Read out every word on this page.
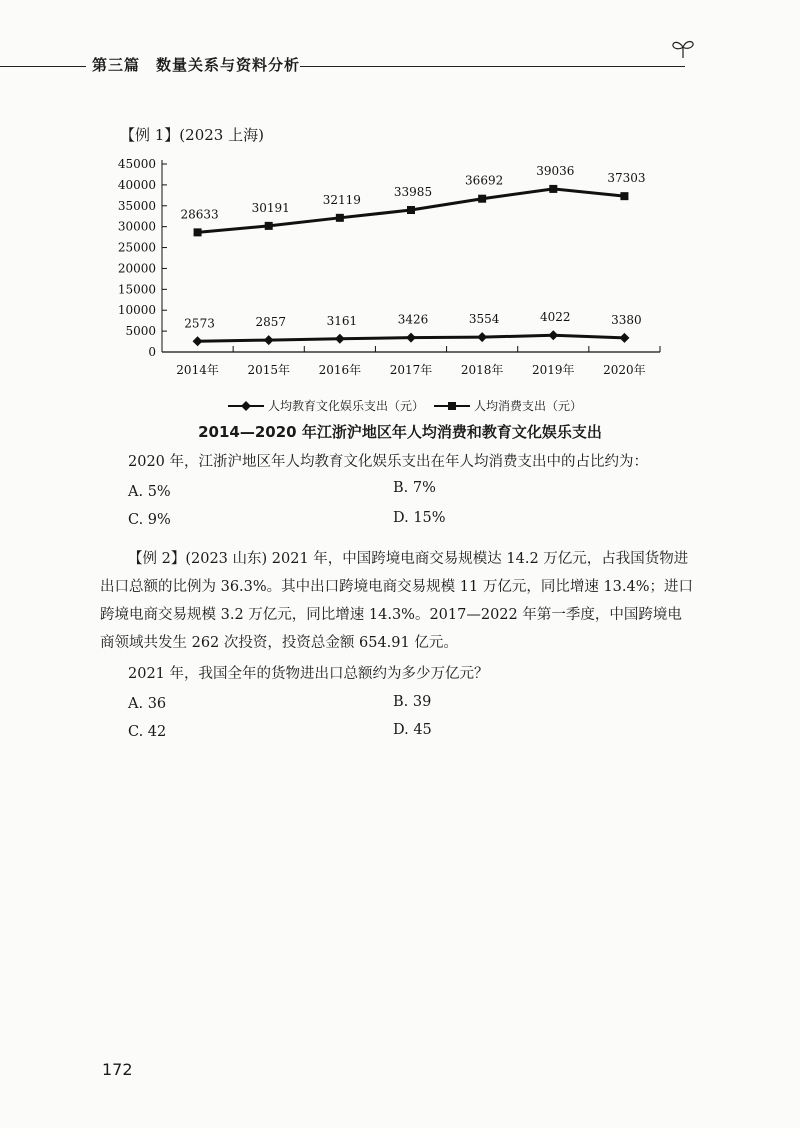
第三篇　数量关系与资料分析
【例 1】(2023 上海)
0
5000
10000
15000
20000
25000
30000
35000
40000
45000
2014年 2015年 2016年 2017年 2018年 2019年 2020年
2573	2857	3161	3426	3554	4022	3380
28633	30191
32119
33985
36692
39036
37303
人均教育文化娱乐支出（元）	人均消费支出（元）
2014—2020 年江浙沪地区年人均消费和教育文化娱乐支出
2020 年，江浙沪地区年人均教育文化娱乐支出在年人均消费支出中的占比约为：
A. 5%	B. 7%
C. 9%	D. 15%
【例 2】(2023 山东) 2021 年，中国跨境电商交易规模达 14.2 万亿元，占我国货物进出口总额的比例为 36.3%。其中出口跨境电商交易规模 11 万亿元，同比增速 13.4%；进口跨境电商交易规模 3.2 万亿元，同比增速 14.3%。2017—2022 年第一季度，中国跨境电商领域共发生 262 次投资，投资总金额 654.91 亿元。
2021 年，我国全年的货物进出口总额约为多少万亿元？
A. 36	B. 39
C. 42	D. 45
172
